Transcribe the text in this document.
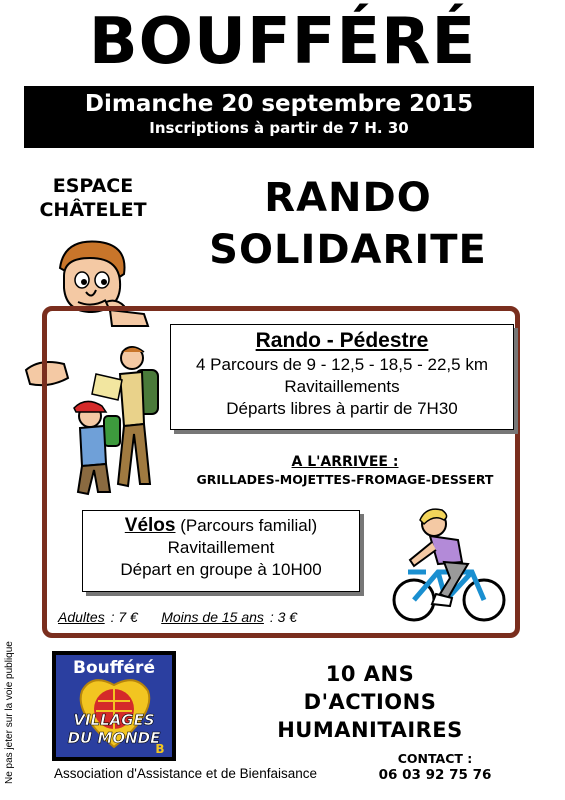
BOUFFÉRÉ
Dimanche 20 septembre 2015
Inscriptions à partir de 7 H. 30
ESPACE
CHÂTELET	RANDO
SOLIDARITE
Rando - Pédestre
4 Parcours de 9 - 12,5 - 18,5 - 22,5 km
Ravitaillements
Départs libres à partir de 7H30
A L'ARRIVEE :
GRILLADES-MOJETTES-FROMAGE-DESSERT
Vélos (Parcours familial)
Ravitaillement
Départ en groupe à 10H00
Adultes : 7 € Moins de 15 ans : 3 €
Ne pas jeter sur la voie publique	Boufféré
VILLAGES
DU MONDE
B
Association d'Assistance et de Bienfaisance
10 ANS
D'ACTIONS
HUMANITAIRES
CONTACT :
06 03 92 75 76
